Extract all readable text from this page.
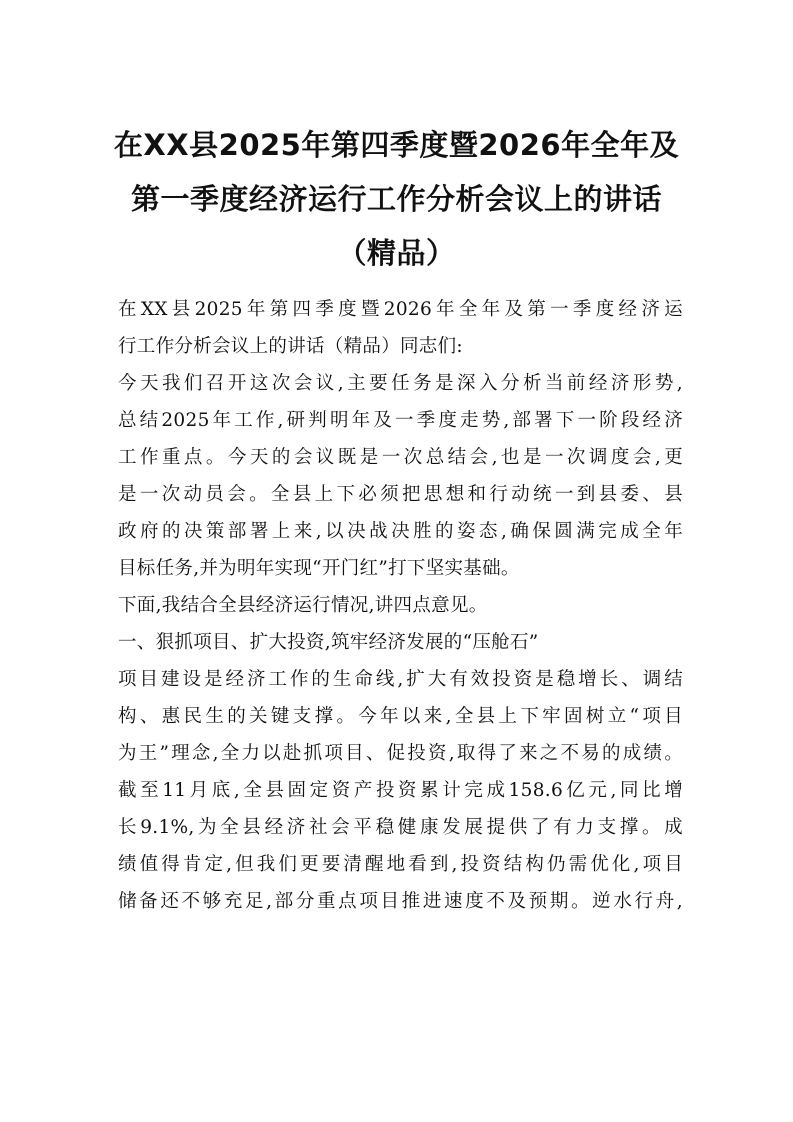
在XX县2025年第四季度暨2026年全年及
第一季度经济运行工作分析会议上的讲话
（精品）
在XX县2025年第四季度暨2026年全年及第一季度经济运
行工作分析会议上的讲话（精品）同志们:
今天我们召开这次会议,主要任务是深入分析当前经济形势,
总结2025年工作,研判明年及一季度走势,部署下一阶段经济
工作重点。今天的会议既是一次总结会,也是一次调度会,更
是一次动员会。全县上下必须把思想和行动统一到县委、县
政府的决策部署上来,以决战决胜的姿态,确保圆满完成全年
目标任务,并为明年实现“开门红”打下坚实基础。
下面,我结合全县经济运行情况,讲四点意见。
一、狠抓项目、扩大投资,筑牢经济发展的“压舱石”
项目建设是经济工作的生命线,扩大有效投资是稳增长、调结
构、惠民生的关键支撑。今年以来,全县上下牢固树立“项目
为王”理念,全力以赴抓项目、促投资,取得了来之不易的成绩。
截至11月底,全县固定资产投资累计完成158.6亿元,同比增
长9.1%,为全县经济社会平稳健康发展提供了有力支撑。成
绩值得肯定,但我们更要清醒地看到,投资结构仍需优化,项目
储备还不够充足,部分重点项目推进速度不及预期。逆水行舟,
